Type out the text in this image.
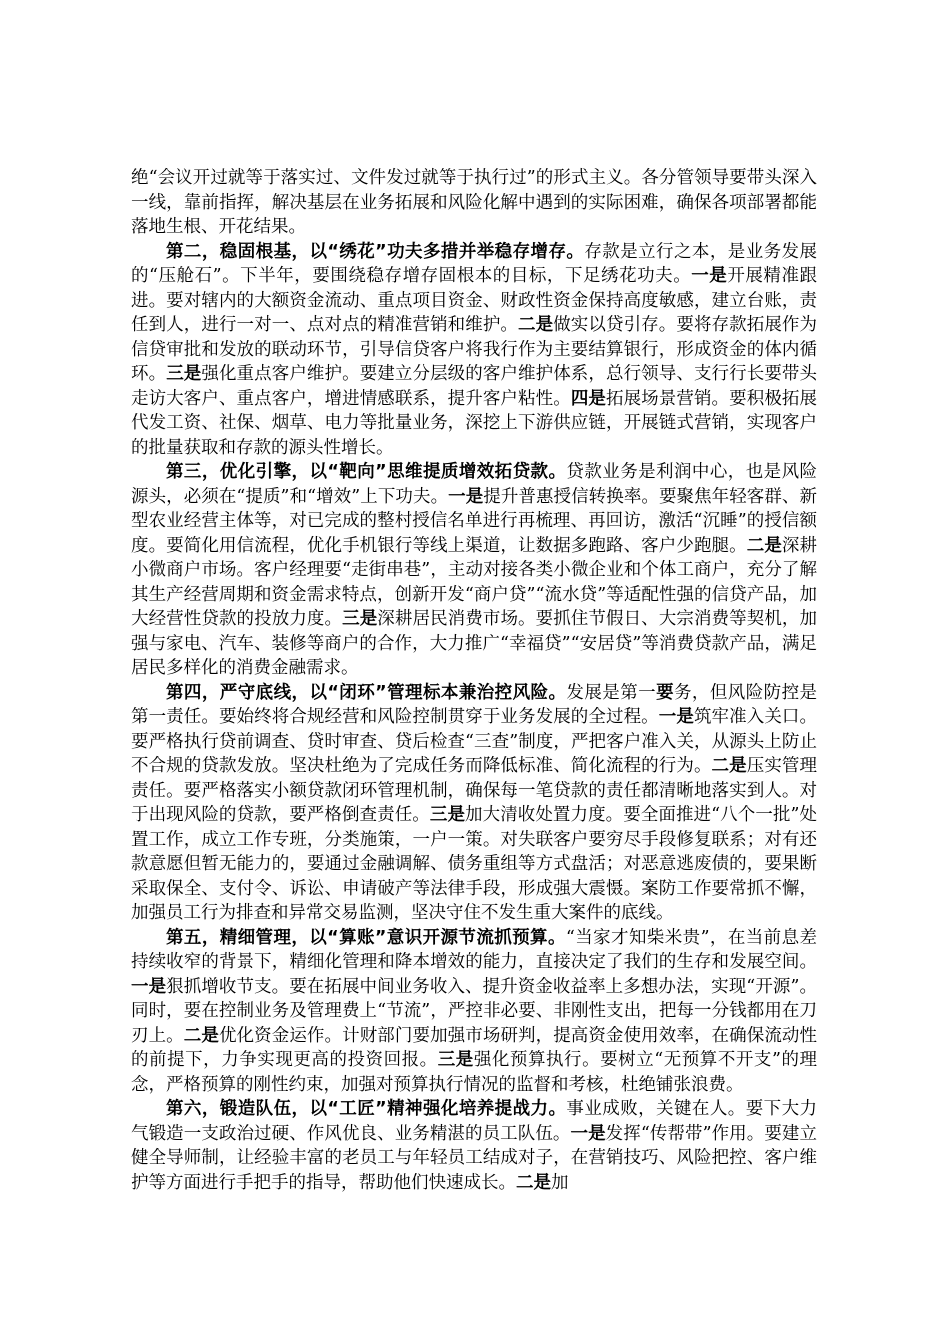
绝“会议开过就等于落实过、文件发过就等于执行过”的形式主义。各分管领导要带头深入一线，靠前指挥，解决基层在业务拓展和风险化解中遇到的实际困难，确保各项部署都能落地生根、开花结果。

第二，稳固根基，以“绣花”功夫多措并举稳存增存。存款是立行之本，是业务发展的“压舱石”。下半年，要围绕稳存增存固根本的目标，下足绣花功夫。一是开展精准跟进。要对辖内的大额资金流动、重点项目资金、财政性资金保持高度敏感，建立台账，责任到人，进行一对一、点对点的精准营销和维护。二是做实以贷引存。要将存款拓展作为信贷审批和发放的联动环节，引导信贷客户将我行作为主要结算银行，形成资金的体内循环。三是强化重点客户维护。要建立分层级的客户维护体系，总行领导、支行行长要带头走访大客户、重点客户，增进情感联系，提升客户粘性。四是拓展场景营销。要积极拓展代发工资、社保、烟草、电力等批量业务，深挖上下游供应链，开展链式营销，实现客户的批量获取和存款的源头性增长。

第三，优化引擎，以“靶向”思维提质增效拓贷款。贷款业务是利润中心，也是风险源头，必须在“提质”和“增效”上下功夫。一是提升普惠授信转换率。要聚焦年轻客群、新型农业经营主体等，对已完成的整村授信名单进行再梳理、再回访，激活“沉睡”的授信额度。要简化用信流程，优化手机银行等线上渠道，让数据多跑路、客户少跑腿。二是深耕小微商户市场。客户经理要“走街串巷”，主动对接各类小微企业和个体工商户，充分了解其生产经营周期和资金需求特点，创新开发“商户贷”“流水贷”等适配性强的信贷产品，加大经营性贷款的投放力度。三是深耕居民消费市场。要抓住节假日、大宗消费等契机，加强与家电、汽车、装修等商户的合作，大力推广“幸福贷”“安居贷”等消费贷款产品，满足居民多样化的消费金融需求。

第四，严守底线，以“闭环”管理标本兼治控风险。发展是第一要务，但风险防控是第一责任。要始终将合规经营和风险控制贯穿于业务发展的全过程。一是筑牢准入关口。要严格执行贷前调查、贷时审查、贷后检查“三查”制度，严把客户准入关，从源头上防止不合规的贷款发放。坚决杜绝为了完成任务而降低标准、简化流程的行为。二是压实管理责任。要严格落实小额贷款闭环管理机制，确保每一笔贷款的责任都清晰地落实到人。对于出现风险的贷款，要严格倒查责任。三是加大清收处置力度。要全面推进“八个一批”处置工作，成立工作专班，分类施策，一户一策。对失联客户要穷尽手段修复联系；对有还款意愿但暂无能力的，要通过金融调解、债务重组等方式盘活；对恶意逃废债的，要果断采取保全、支付令、诉讼、申请破产等法律手段，形成强大震慑。案防工作要常抓不懈，加强员工行为排查和异常交易监测，坚决守住不发生重大案件的底线。

第五，精细管理，以“算账”意识开源节流抓预算。“当家才知柴米贵”，在当前息差持续收窄的背景下，精细化管理和降本增效的能力，直接决定了我们的生存和发展空间。一是狠抓增收节支。要在拓展中间业务收入、提升资金收益率上多想办法，实现“开源”。同时，要在控制业务及管理费上“节流”，严控非必要、非刚性支出，把每一分钱都用在刀刃上。二是优化资金运作。计财部门要加强市场研判，提高资金使用效率，在确保流动性的前提下，力争实现更高的投资回报。三是强化预算执行。要树立“无预算不开支”的理念，严格预算的刚性约束，加强对预算执行情况的监督和考核，杜绝铺张浪费。

第六，锻造队伍，以“工匠”精神强化培养提战力。事业成败，关键在人。要下大力气锻造一支政治过硬、作风优良、业务精湛的员工队伍。一是发挥“传帮带”作用。要建立健全导师制，让经验丰富的老员工与年轻员工结成对子，在营销技巧、风险把控、客户维护等方面进行手把手的指导，帮助他们快速成长。二是加
